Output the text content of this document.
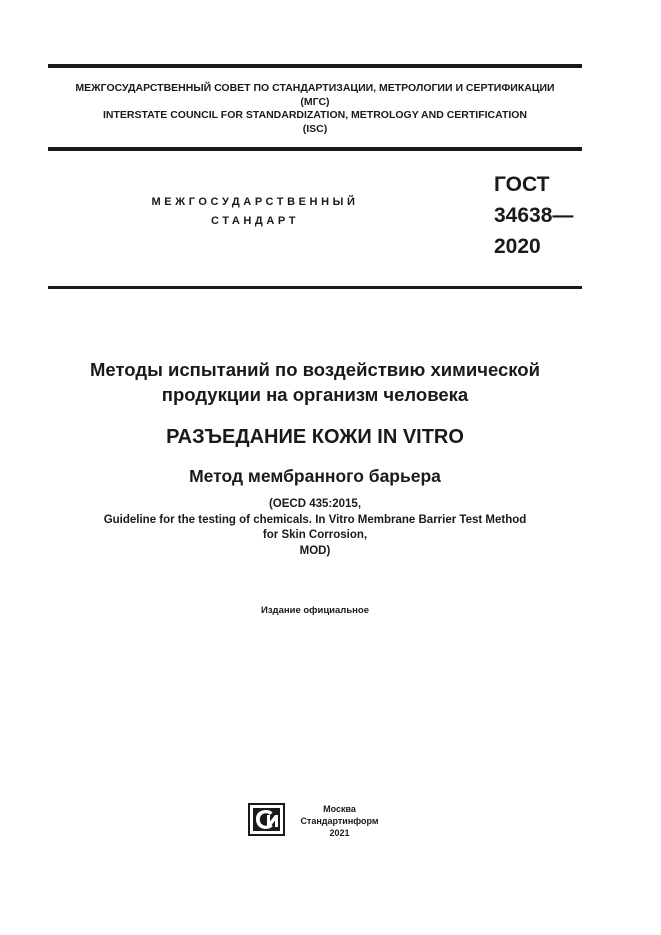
МЕЖГОСУДАРСТВЕННЫЙ СОВЕТ ПО СТАНДАРТИЗАЦИИ, МЕТРОЛОГИИ И СЕРТИФИКАЦИИ
(МГС)
INTERSTATE COUNCIL FOR STANDARDIZATION, METROLOGY AND CERTIFICATION
(ISC)
МЕЖГОСУДАРСТВЕННЫЙ
СТАНДАРТ
ГОСТ
34638—
2020
Методы испытаний по воздействию химической
продукции на организм человека
РАЗЪЕДАНИЕ КОЖИ IN VITRO
Метод мембранного барьера
(OECD 435:2015,
Guideline for the testing of chemicals. In Vitro Membrane Barrier Test Method
for Skin Corrosion,
MOD)
Издание официальное
Москва
Стандартинформ
2021
